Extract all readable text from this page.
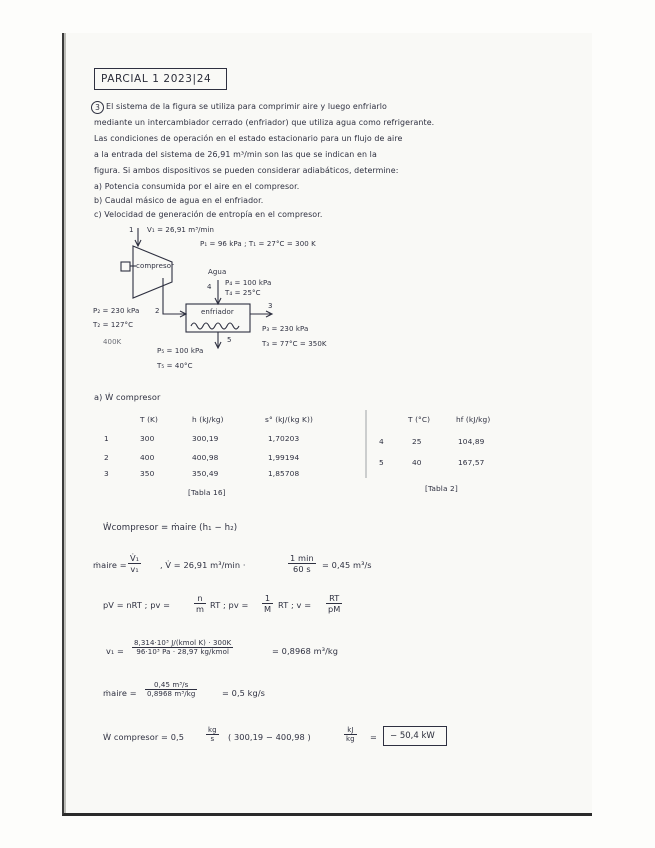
PARCIAL 1 2023|24
3 El sistema de la figura se utiliza para comprimir aire y luego enfriarlo
mediante un intercambiador cerrado (enfriador) que utiliza agua como refrigerante.
Las condiciones de operación en el estado estacionario para un flujo de aire
a la entrada del sistema de 26,91 m³/min son las que se indican en la
figura. Si ambos dispositivos se pueden considerar adiabáticos, determine:
a) Potencia consumida por el aire en el compresor.
b) Caudal másico de agua en el enfriador.
c) Velocidad de generación de entropía en el compresor.
1 V₁ = 26,91 m³/min
P₁ = 96 kPa ; T₁ = 27°C = 300 K
compresor
Agua
4 P₄ = 100 kPa
T₄ = 25°C
2
P₂ = 230 kPa
T₂ = 127°C
400K
enfriador
3
P₃ = 230 kPa
T₃ = 77°C = 350K
5
P₅ = 100 kPa
T₅ = 40°C
a) Ẇ compresor
T (K)	h (kJ/kg)	s° (kJ/(kg K))
1	300	300,19	1,70203
2	400	400,98	1,99194
3	350	350,49	1,85708
[Tabla 16]
T (°C)	hf (kJ/kg)
4	25	104,89
5	40	167,57
[Tabla 2]
Ẇcompresor = ṁaire (h₁ − h₂)
ṁaire = $\frac{\text{V̇₁}}{\text{v₁}}$ , V̇ = 26,91 m³/min ·
1 min
60 s	= 0,45 m³/s
pV = nRT ; pv =	$\frac{n}{m}$ RT ; pv = $\frac{1}{M}$ RT ; $v = \frac{RT}{pM}$
v₁ =
8,314·10³ J/(kmol K) · 300K
96·10³ Pa · 28,97 kg/kmol	= 0,8968 m³/kg
ṁaire = $\frac{\text{0,45 m³/s}}{\text{0,8968 m³/kg}}$	= 0,5 kg/s
Ẇ compresor = 0,5	$\frac{kg}{s}$ ( 300,19 − 400,98 )	$\frac{kJ}{kg}$ =	− 50,4 kW
